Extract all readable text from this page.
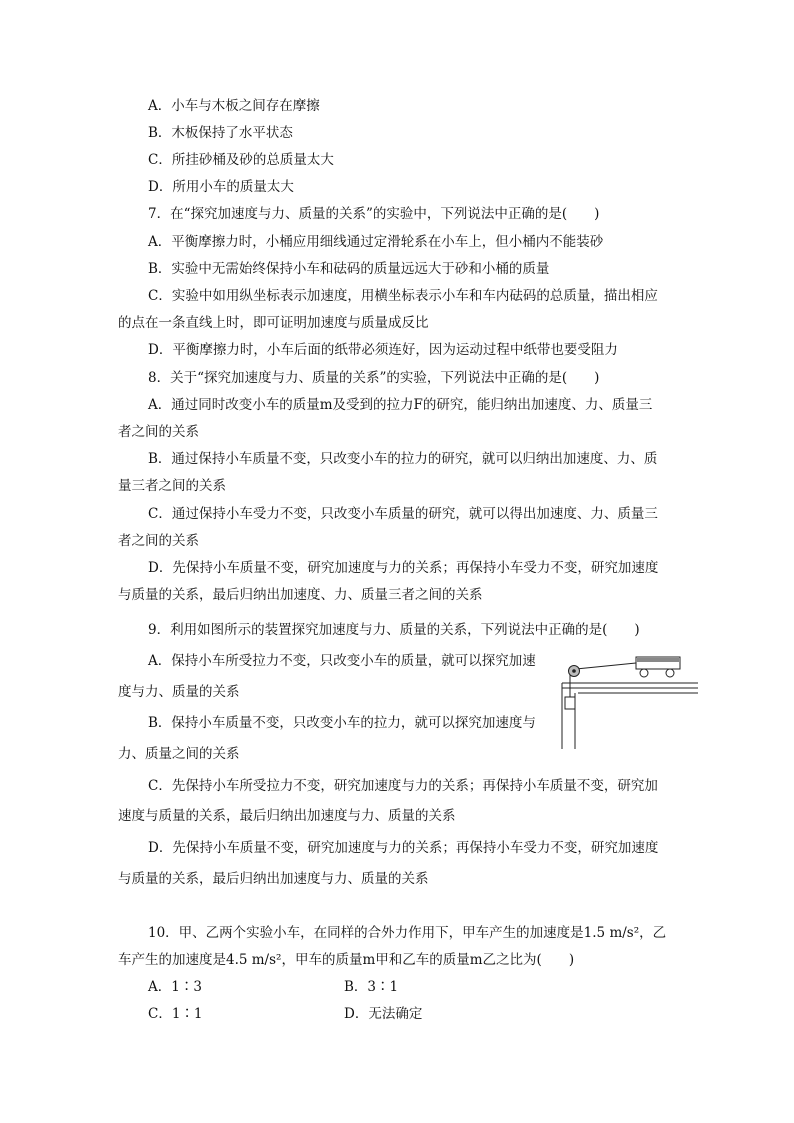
A．小车与木板之间存在摩擦
B．木板保持了水平状态
C．所挂砂桶及砂的总质量太大
D．所用小车的质量太大
7．在“探究加速度与力、质量的关系”的实验中，下列说法中正确的是(　　)
A．平衡摩擦力时，小桶应用细线通过定滑轮系在小车上，但小桶内不能装砂
B．实验中无需始终保持小车和砝码的质量远远大于砂和小桶的质量
C．实验中如用纵坐标表示加速度，用横坐标表示小车和车内砝码的总质量，描出相应
的点在一条直线上时，即可证明加速度与质量成反比
D．平衡摩擦力时，小车后面的纸带必须连好，因为运动过程中纸带也要受阻力
8．关于“探究加速度与力、质量的关系”的实验，下列说法中正确的是(　　)
A．通过同时改变小车的质量m及受到的拉力F的研究，能归纳出加速度、力、质量三
者之间的关系
B．通过保持小车质量不变，只改变小车的拉力的研究，就可以归纳出加速度、力、质
量三者之间的关系
C．通过保持小车受力不变，只改变小车质量的研究，就可以得出加速度、力、质量三
者之间的关系
D．先保持小车质量不变，研究加速度与力的关系；再保持小车受力不变，研究加速度
与质量的关系，最后归纳出加速度、力、质量三者之间的关系
9．利用如图所示的装置探究加速度与力、质量的关系，下列说法中正确的是(　　)
A．保持小车所受拉力不变，只改变小车的质量，就可以探究加速
度与力、质量的关系
B．保持小车质量不变，只改变小车的拉力，就可以探究加速度与
力、质量之间的关系
C．先保持小车所受拉力不变，研究加速度与力的关系；再保持小车质量不变，研究加
速度与质量的关系，最后归纳出加速度与力、质量的关系
D．先保持小车质量不变，研究加速度与力的关系；再保持小车受力不变，研究加速度
与质量的关系，最后归纳出加速度与力、质量的关系
10．甲、乙两个实验小车，在同样的合外力作用下，甲车产生的加速度是1.5 m/s²，乙
车产生的加速度是4.5 m/s²，甲车的质量m甲和乙车的质量m乙之比为(　　)
A．1∶3	B．3∶1
C．1∶1	D．无法确定
